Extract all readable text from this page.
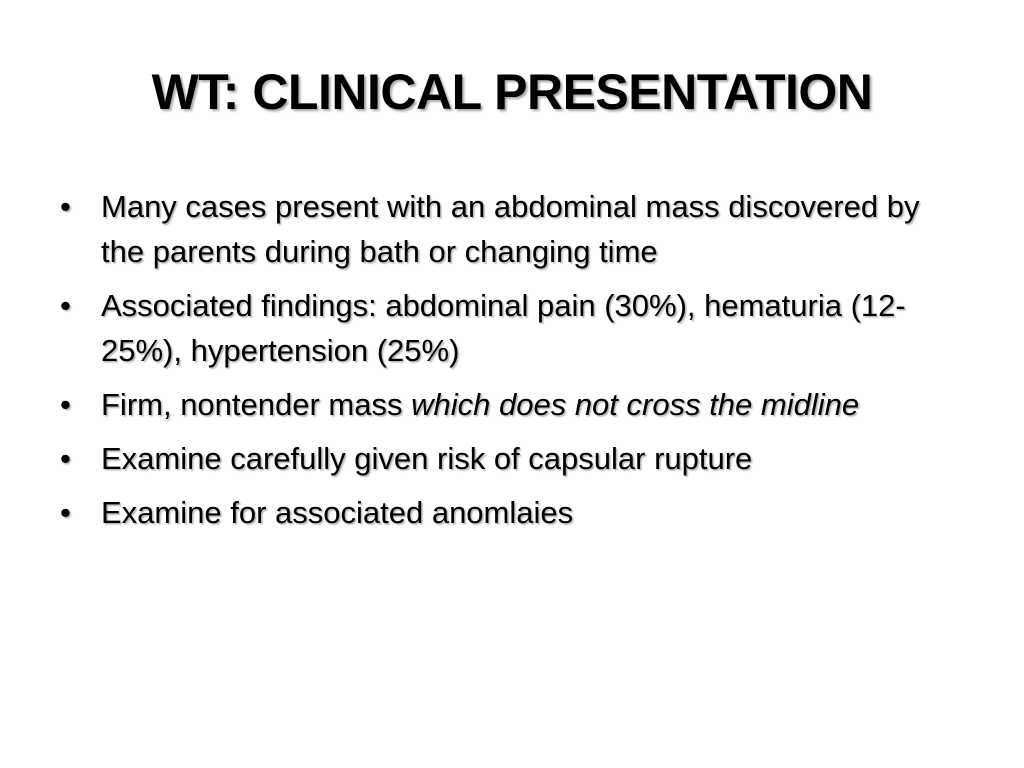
WT: CLINICAL PRESENTATION
• Many cases present with an abdominal mass discovered by the parents during bath or changing time
• Associated findings: abdominal pain (30%), hematuria (12-25%), hypertension (25%)
• Firm, nontender mass which does not cross the midline
• Examine carefully given risk of capsular rupture
• Examine for associated anomlaies
